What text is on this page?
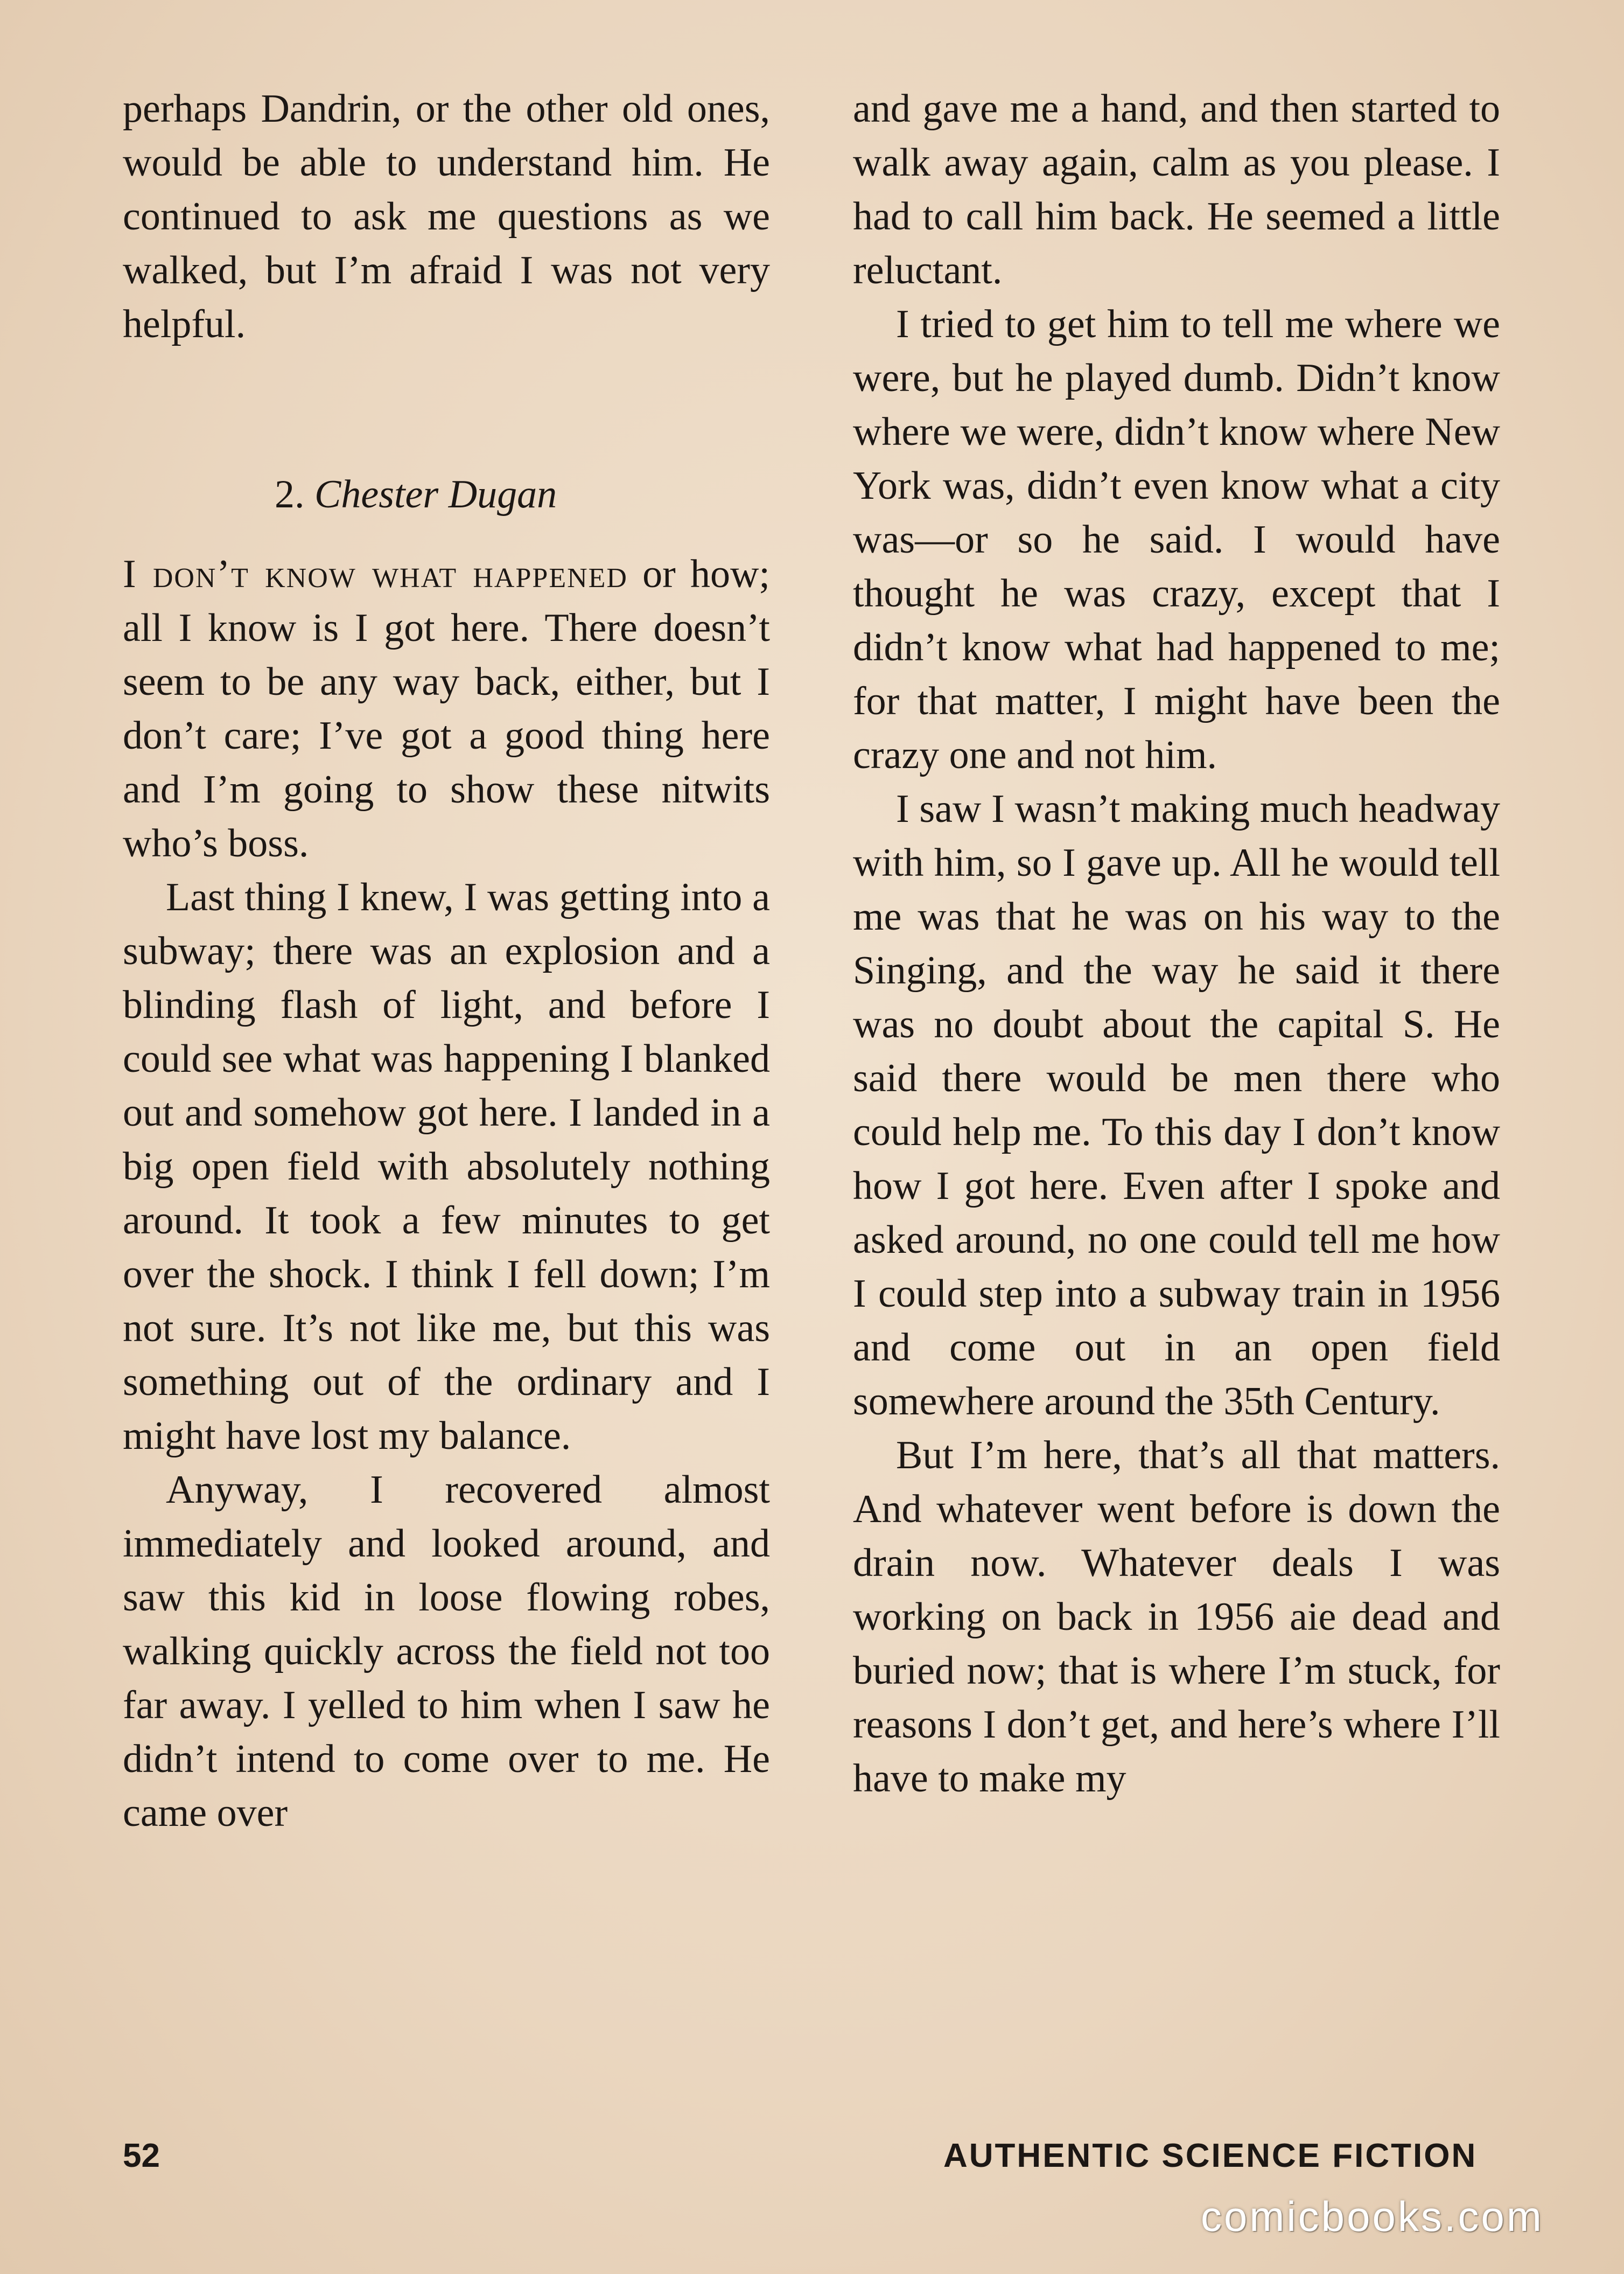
perhaps Dandrin, or the other old ones, would be able to understand him. He continued to ask me questions as we walked, but I’m afraid I was not very helpful.

2. Chester Dugan

I don’t know what happened or how; all I know is I got here. There doesn’t seem to be any way back, either, but I don’t care; I’ve got a good thing here and I’m going to show these nitwits who’s boss.

Last thing I knew, I was getting into a subway; there was an explosion and a blinding flash of light, and before I could see what was happening I blanked out and somehow got here. I landed in a big open field with absolutely nothing around. It took a few minutes to get over the shock. I think I fell down; I’m not sure. It’s not like me, but this was something out of the ordinary and I might have lost my balance.

Anyway, I recovered almost immediately and looked around, and saw this kid in loose flowing robes, walking quickly across the field not too far away. I yelled to him when I saw he didn’t intend to come over to me. He came over

and gave me a hand, and then started to walk away again, calm as you please. I had to call him back. He seemed a little reluctant.

I tried to get him to tell me where we were, but he played dumb. Didn’t know where we were, didn’t know where New York was, didn’t even know what a city was—or so he said. I would have thought he was crazy, except that I didn’t know what had happened to me; for that matter, I might have been the crazy one and not him.

I saw I wasn’t making much headway with him, so I gave up. All he would tell me was that he was on his way to the Singing, and the way he said it there was no doubt about the capital S. He said there would be men there who could help me. To this day I don’t know how I got here. Even after I spoke and asked around, no one could tell me how I could step into a subway train in 1956 and come out in an open field somewhere around the 35th Century.

But I’m here, that’s all that matters. And whatever went before is down the drain now. Whatever deals I was working on back in 1956 aie dead and buried now; that is where I’m stuck, for reasons I don’t get, and here’s where I’ll have to make my

52	AUTHENTIC SCIENCE FICTION
comicbooks.com
